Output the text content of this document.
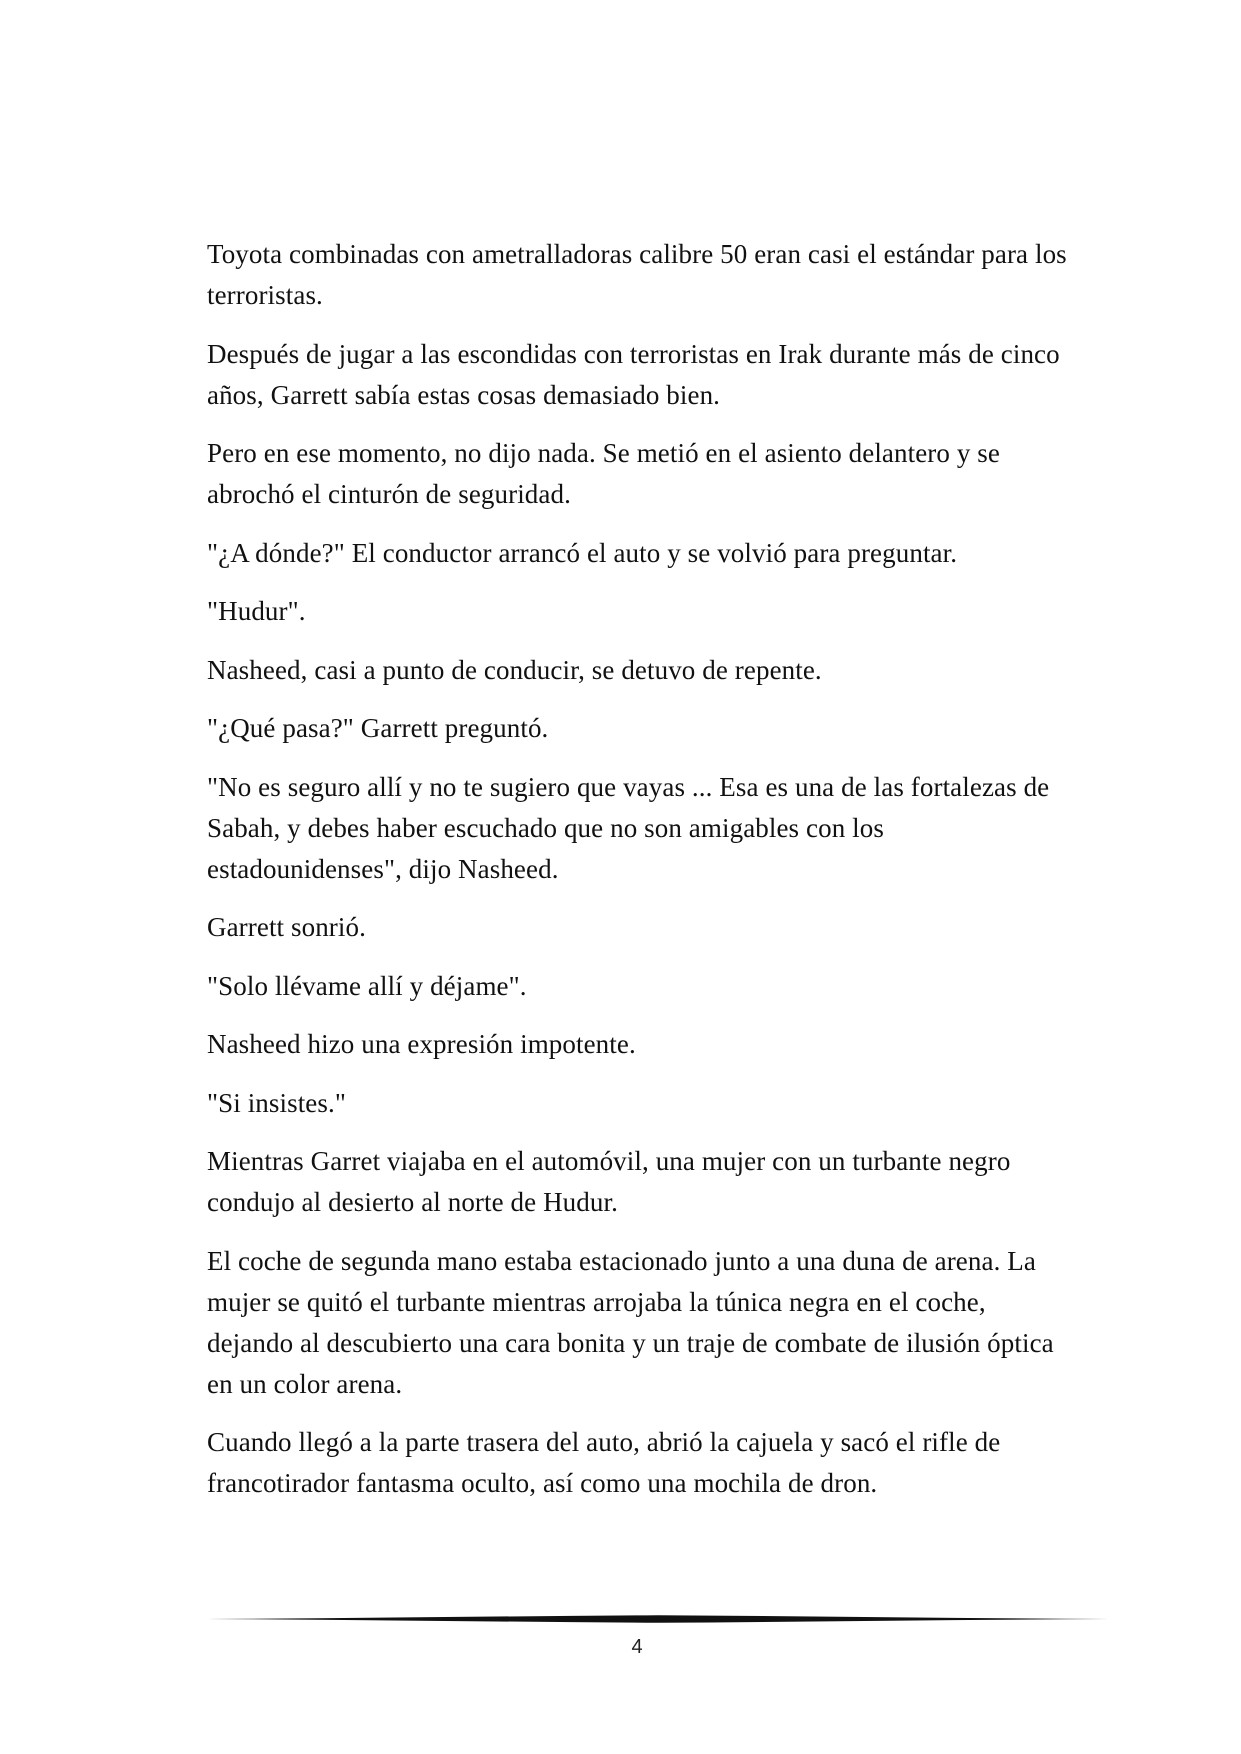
Toyota combinadas con ametralladoras calibre 50 eran casi el estándar para los terroristas.

Después de jugar a las escondidas con terroristas en Irak durante más de cinco años, Garrett sabía estas cosas demasiado bien.

Pero en ese momento, no dijo nada. Se metió en el asiento delantero y se abrochó el cinturón de seguridad.

"¿A dónde?" El conductor arrancó el auto y se volvió para preguntar.

"Hudur".

Nasheed, casi a punto de conducir, se detuvo de repente.

"¿Qué pasa?" Garrett preguntó.

"No es seguro allí y no te sugiero que vayas ... Esa es una de las fortalezas de Sabah, y debes haber escuchado que no son amigables con los estadounidenses", dijo Nasheed.

Garrett sonrió.

"Solo llévame allí y déjame".

Nasheed hizo una expresión impotente.

"Si insistes."

Mientras Garret viajaba en el automóvil, una mujer con un turbante negro condujo al desierto al norte de Hudur.

El coche de segunda mano estaba estacionado junto a una duna de arena. La mujer se quitó el turbante mientras arrojaba la túnica negra en el coche, dejando al descubierto una cara bonita y un traje de combate de ilusión óptica en un color arena.

Cuando llegó a la parte trasera del auto, abrió la cajuela y sacó el rifle de francotirador fantasma oculto, así como una mochila de dron.

4
